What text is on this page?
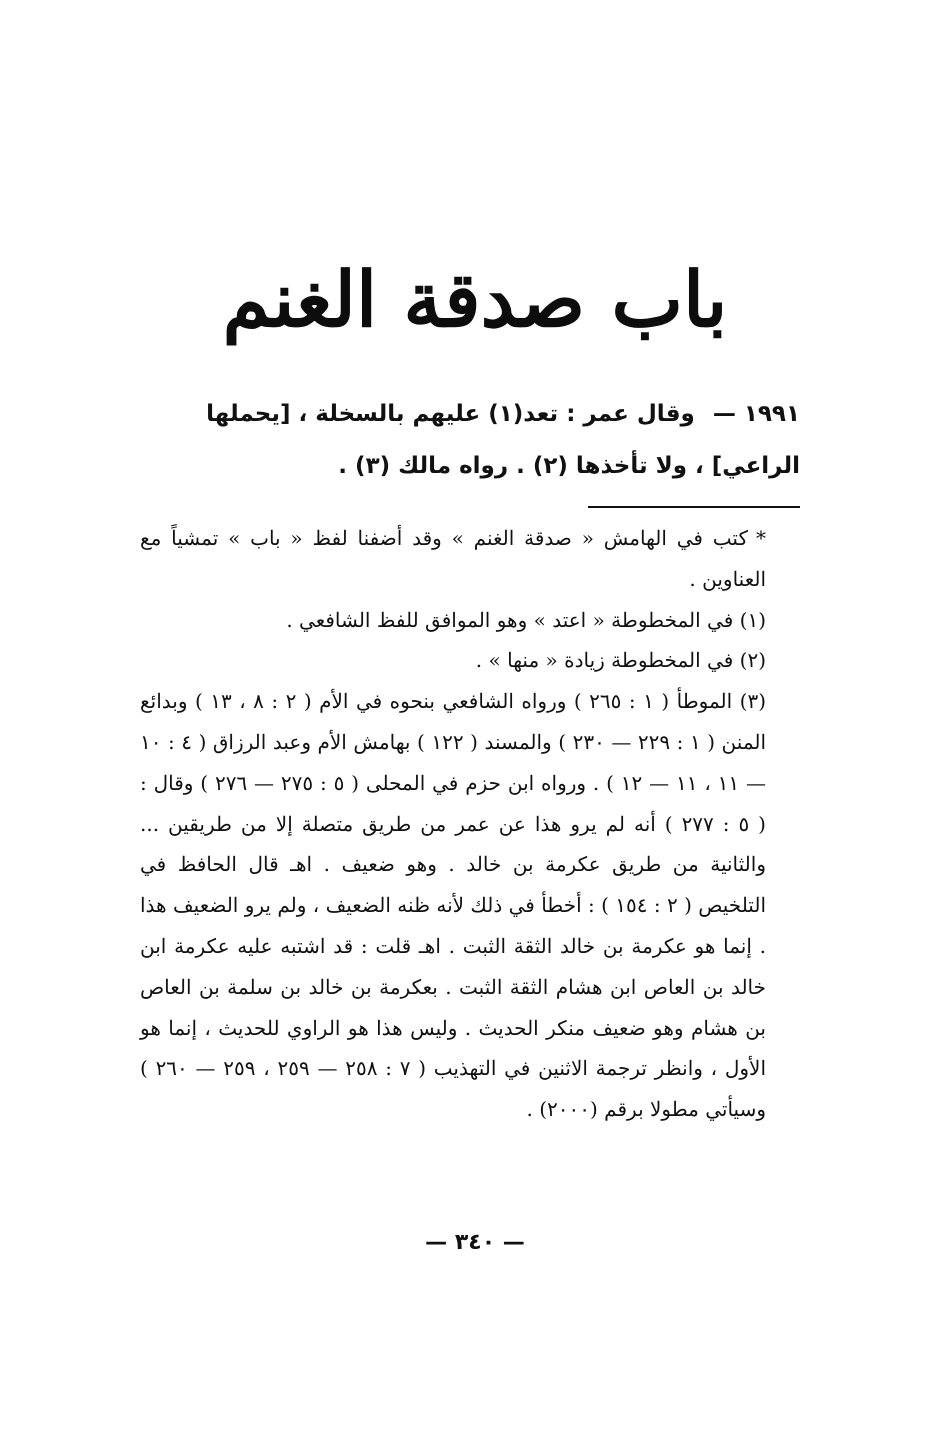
باب صدقة الغنم
١٩٩١ — وقال عمر : تعد(١) عليهم بالسخلة ، [يحملها الراعي] ، ولا تأخذها (٢) . رواه مالك (٣) .

*كتب في الهامش « صدقة الغنم » وقد أضفنا لفظ « باب » تمشياً مع العناوين .

(١) في المخطوطة « اعتد » وهو الموافق للفظ الشافعي .

(٢) في المخطوطة زيادة « منها » .

(٣) الموطأ ( ١ : ٢٦٥ ) ورواه الشافعي بنحوه في الأم ( ٢ : ٨ ، ١٣ ) وبدائع المنن ( ١ : ٢٢٩ — ٢٣٠ ) والمسند ( ١٢٢ ) بهامش الأم وعبد الرزاق ( ٤ : ١٠ — ١١ ، ١١ — ١٢ ) . ورواه ابن حزم في المحلى ( ٥ : ٢٧٥ — ٢٧٦ ) وقال : ( ٥ : ٢٧٧ ) أنه لم يرو هذا عن عمر من طريق متصلة إلا من طريقين ... والثانية من طريق عكرمة بن خالد . وهو ضعيف . اهـ قال الحافظ في التلخيص ( ٢ : ١٥٤ ) : أخطأ في ذلك لأنه ظنه الضعيف ، ولم يرو الضعيف هذا . إنما هو عكرمة بن خالد الثقة الثبت . اهـ قلت : قد اشتبه عليه عكرمة ابن خالد بن العاص ابن هشام الثقة الثبت . بعكرمة بن خالد بن سلمة بن العاص بن هشام وهو ضعيف منكر الحديث . وليس هذا هو الراوي للحديث ، إنما هو الأول ، وانظر ترجمة الاثنين في التهذيب ( ٧ : ٢٥٨ — ٢٥٩ ، ٢٥٩ — ٢٦٠ ) وسيأتي مطولا برقم (٢٠٠٠) .

— ٣٤٠ —
